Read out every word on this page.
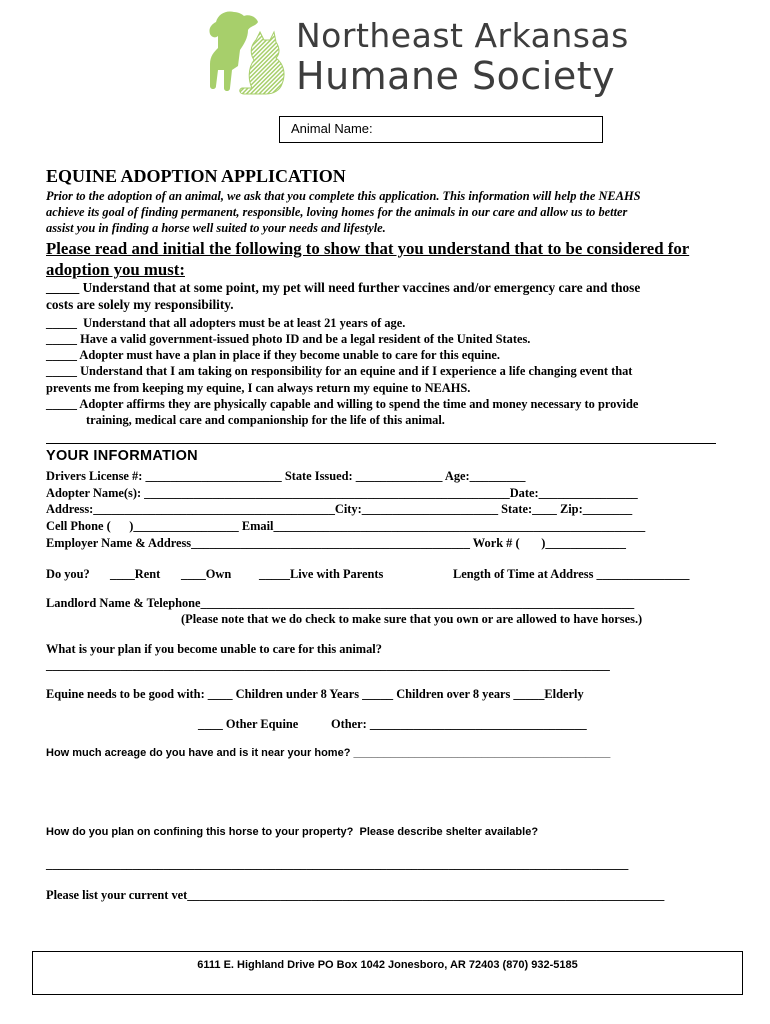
Northeast Arkansas
Humane Society
Animal Name:
EQUINE ADOPTION APPLICATION
Prior to the adoption of an animal, we ask that you complete this application. This information will help the NEAHS
achieve its goal of finding permanent, responsible, loving homes for the animals in our care and allow us to better
assist you in finding a horse well suited to your needs and lifestyle.
Please read and initial the following to show that you understand that to be considered for
adoption you must:
_____ Understand that at some point, my pet will need further vaccines and/or emergency care and those
costs are solely my responsibility.
_____  Understand that all adopters must be at least 21 years of age.
_____ Have a valid government-issued photo ID and be a legal resident of the United States.
_____ Adopter must have a plan in place if they become unable to care for this equine.
_____ Understand that I am taking on responsibility for an equine and if I experience a life changing event that
prevents me from keeping my equine, I can always return my equine to NEAHS.
_____ Adopter affirms they are physically capable and willing to spend the time and money necessary to provide
training, medical care and companionship for the life of this animal.
YOUR INFORMATION
Drivers License #: ______________________ State Issued: ______________ Age:_________
Adopter Name(s): ___________________________________________________________Date:________________
Address:_______________________________________City:______________________ State:____ Zip:________
Cell Phone (      )_________________ Email____________________________________________________________
Employer Name & Address_____________________________________________ Work # (       )_____________
Do you? ____Rent ____Own _____Live with Parents	Length of Time at Address _______________
Landlord Name & Telephone______________________________________________________________________
(Please note that we do check to make sure that you own or are allowed to have horses.)
What is your plan if you become unable to care for this animal?
___________________________________________________________________________________________
Equine needs to be good with: ____ Children under 8 Years _____ Children over 8 years _____Elderly
____ Other Equine	Other: ___________________________________
How much acreage do you have and is it near your home? __________________________________________
How do you plan on confining this horse to your property?  Please describe shelter available?
______________________________________________________________________________________________
Please list your current vet_____________________________________________________________________________
6111 E. Highland Drive PO Box 1042 Jonesboro, AR 72403 (870) 932-5185
